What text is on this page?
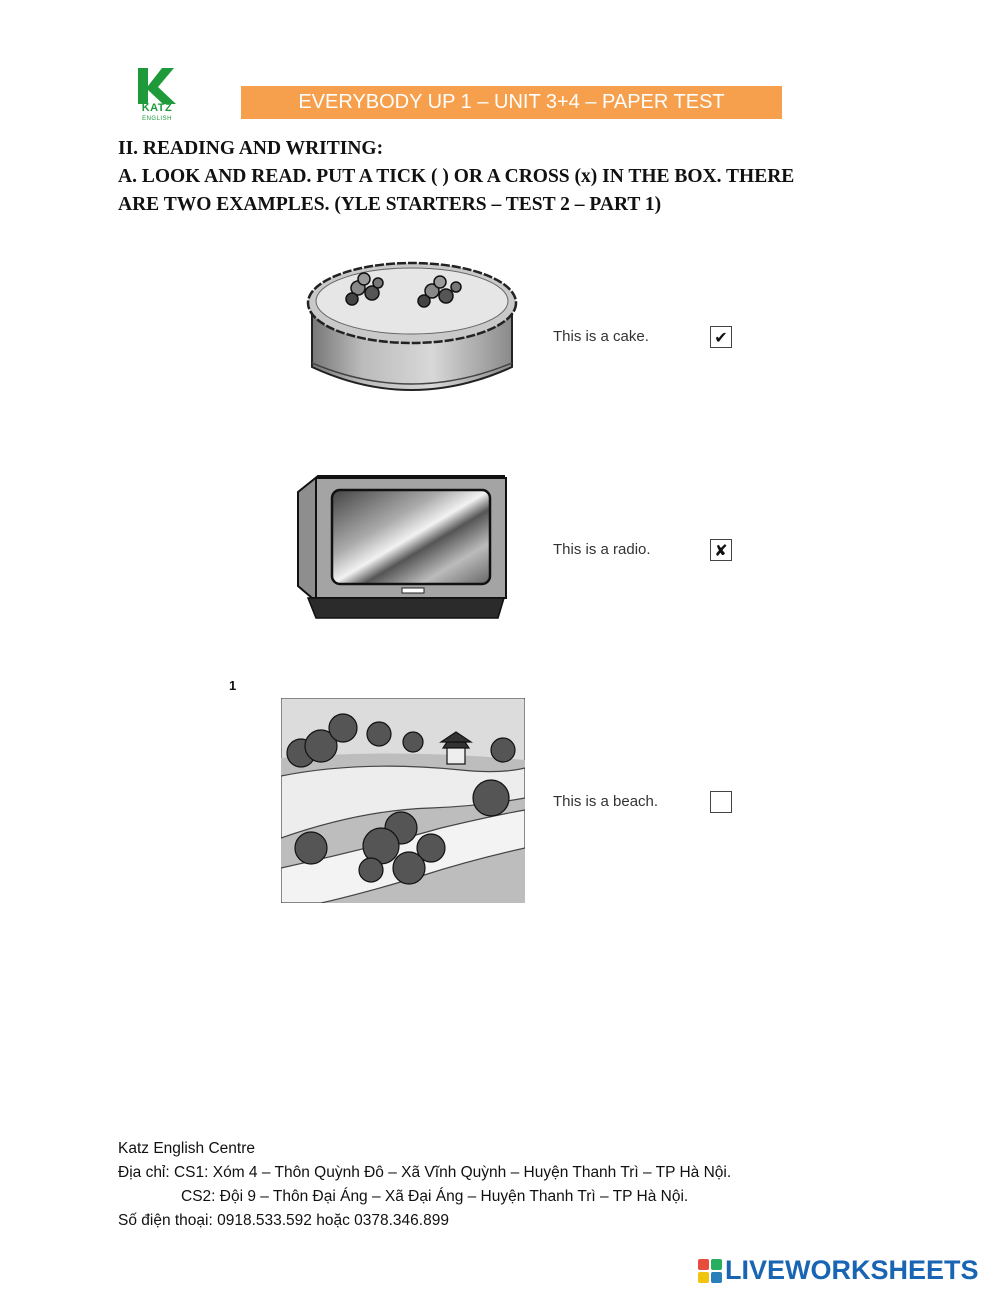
KATZ
ENGLISH
EVERYBODY UP 1 – UNIT 3+4 – PAPER TEST
II. READING AND WRITING:
A. LOOK AND READ. PUT A TICK ( ) OR A CROSS (x) IN THE BOX. THERE
ARE TWO EXAMPLES. (YLE STARTERS – TEST 2 – PART 1)
This is a cake.	✔
This is a radio.	✘
1
This is a beach.
Katz English Centre
Địa chỉ: CS1: Xóm 4 – Thôn Quỳnh Đô – Xã Vĩnh Quỳnh – Huyện Thanh Trì – TP Hà Nội.
CS2: Đội 9 – Thôn Đại Áng – Xã Đại Áng – Huyện Thanh Trì – TP Hà Nội.
Số điện thoại: 0918.533.592 hoặc 0378.346.899
LIVEWORKSHEETS
